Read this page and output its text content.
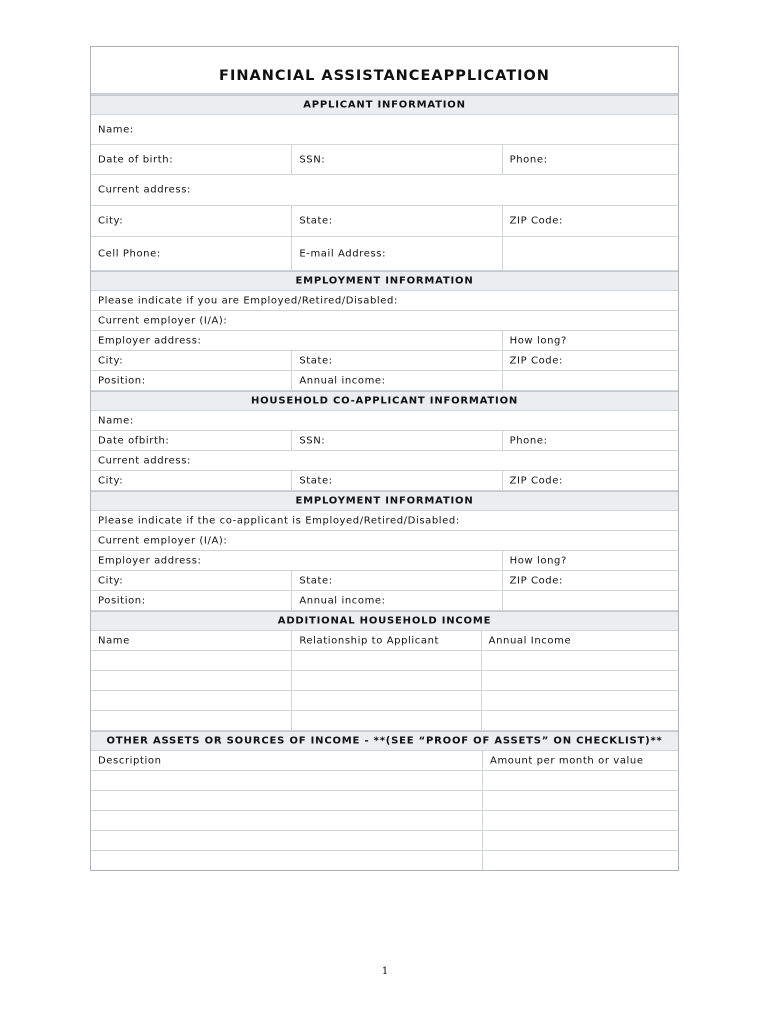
FINANCIAL ASSISTANCEAPPLICATION
APPLICANT INFORMATION
Name:
Date of birth:	SSN:	Phone:
Current address:
City:	State:	ZIP Code:
Cell Phone:	E-mail Address:
EMPLOYMENT INFORMATION
Please indicate if you are Employed/Retired/Disabled:
Current employer (I/A):
Employer address:	How long?
City:	State:	ZIP Code:
Position:	Annual income:
HOUSEHOLD CO-APPLICANT INFORMATION
Name:
Date ofbirth:	SSN:	Phone:
Current address:
City:	State:	ZIP Code:
EMPLOYMENT INFORMATION
Please indicate if the co-applicant is Employed/Retired/Disabled:
Current employer (I/A):
Employer address:	How long?
City:	State:	ZIP Code:
Position:	Annual income:
ADDITIONAL HOUSEHOLD INCOME
Name	Relationship to Applicant	Annual Income
OTHER ASSETS OR SOURCES OF INCOME - **(SEE “PROOF OF ASSETS” ON CHECKLIST)**
Description	Amount per month or value
1
